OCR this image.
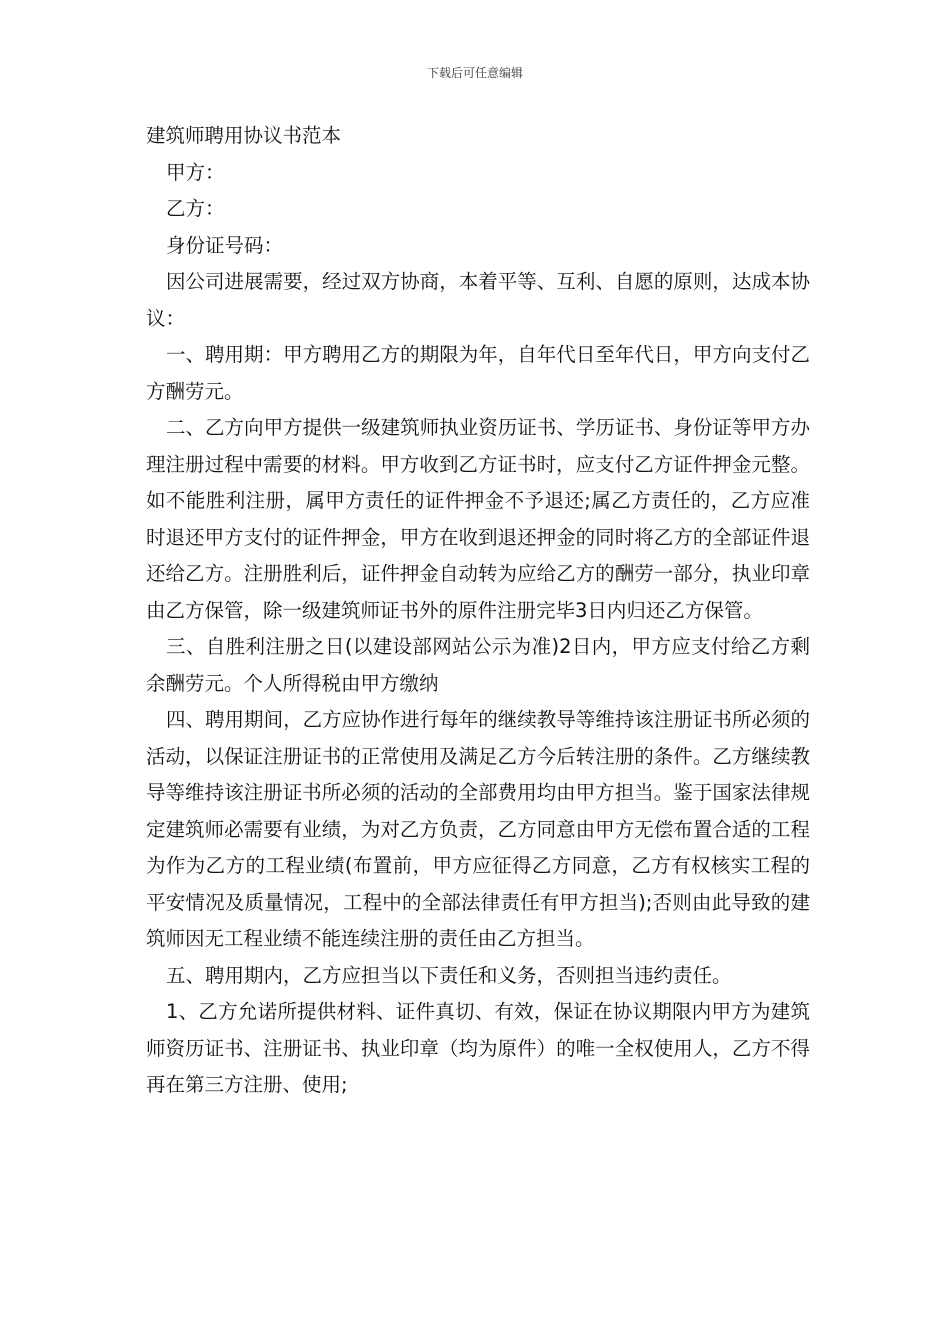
下载后可任意编辑
建筑师聘用协议书范本

甲方：

乙方：

身份证号码：

因公司进展需要，经过双方协商，本着平等、互利、自愿的原则，达成本协议：

一、聘用期：甲方聘用乙方的期限为年，自年代日至年代日，甲方向支付乙方酬劳元。

二、乙方向甲方提供一级建筑师执业资历证书、学历证书、身份证等甲方办理注册过程中需要的材料。甲方收到乙方证书时，应支付乙方证件押金元整。如不能胜利注册，属甲方责任的证件押金不予退还;属乙方责任的，乙方应准时退还甲方支付的证件押金，甲方在收到退还押金的同时将乙方的全部证件退还给乙方。注册胜利后，证件押金自动转为应给乙方的酬劳一部分，执业印章由乙方保管，除一级建筑师证书外的原件注册完毕3日内归还乙方保管。

三、自胜利注册之日(以建设部网站公示为准)2日内，甲方应支付给乙方剩余酬劳元。个人所得税由甲方缴纳

四、聘用期间，乙方应协作进行每年的继续教导等维持该注册证书所必须的活动，以保证注册证书的正常使用及满足乙方今后转注册的条件。乙方继续教导等维持该注册证书所必须的活动的全部费用均由甲方担当。鉴于国家法律规定建筑师必需要有业绩，为对乙方负责，乙方同意由甲方无偿布置合适的工程为作为乙方的工程业绩(布置前，甲方应征得乙方同意，乙方有权核实工程的平安情况及质量情况，工程中的全部法律责任有甲方担当);否则由此导致的建筑师因无工程业绩不能连续注册的责任由乙方担当。

五、聘用期内，乙方应担当以下责任和义务，否则担当违约责任。

1、乙方允诺所提供材料、证件真切、有效，保证在协议期限内甲方为建筑师资历证书、注册证书、执业印章（均为原件）的唯一全权使用人，乙方不得再在第三方注册、使用;
